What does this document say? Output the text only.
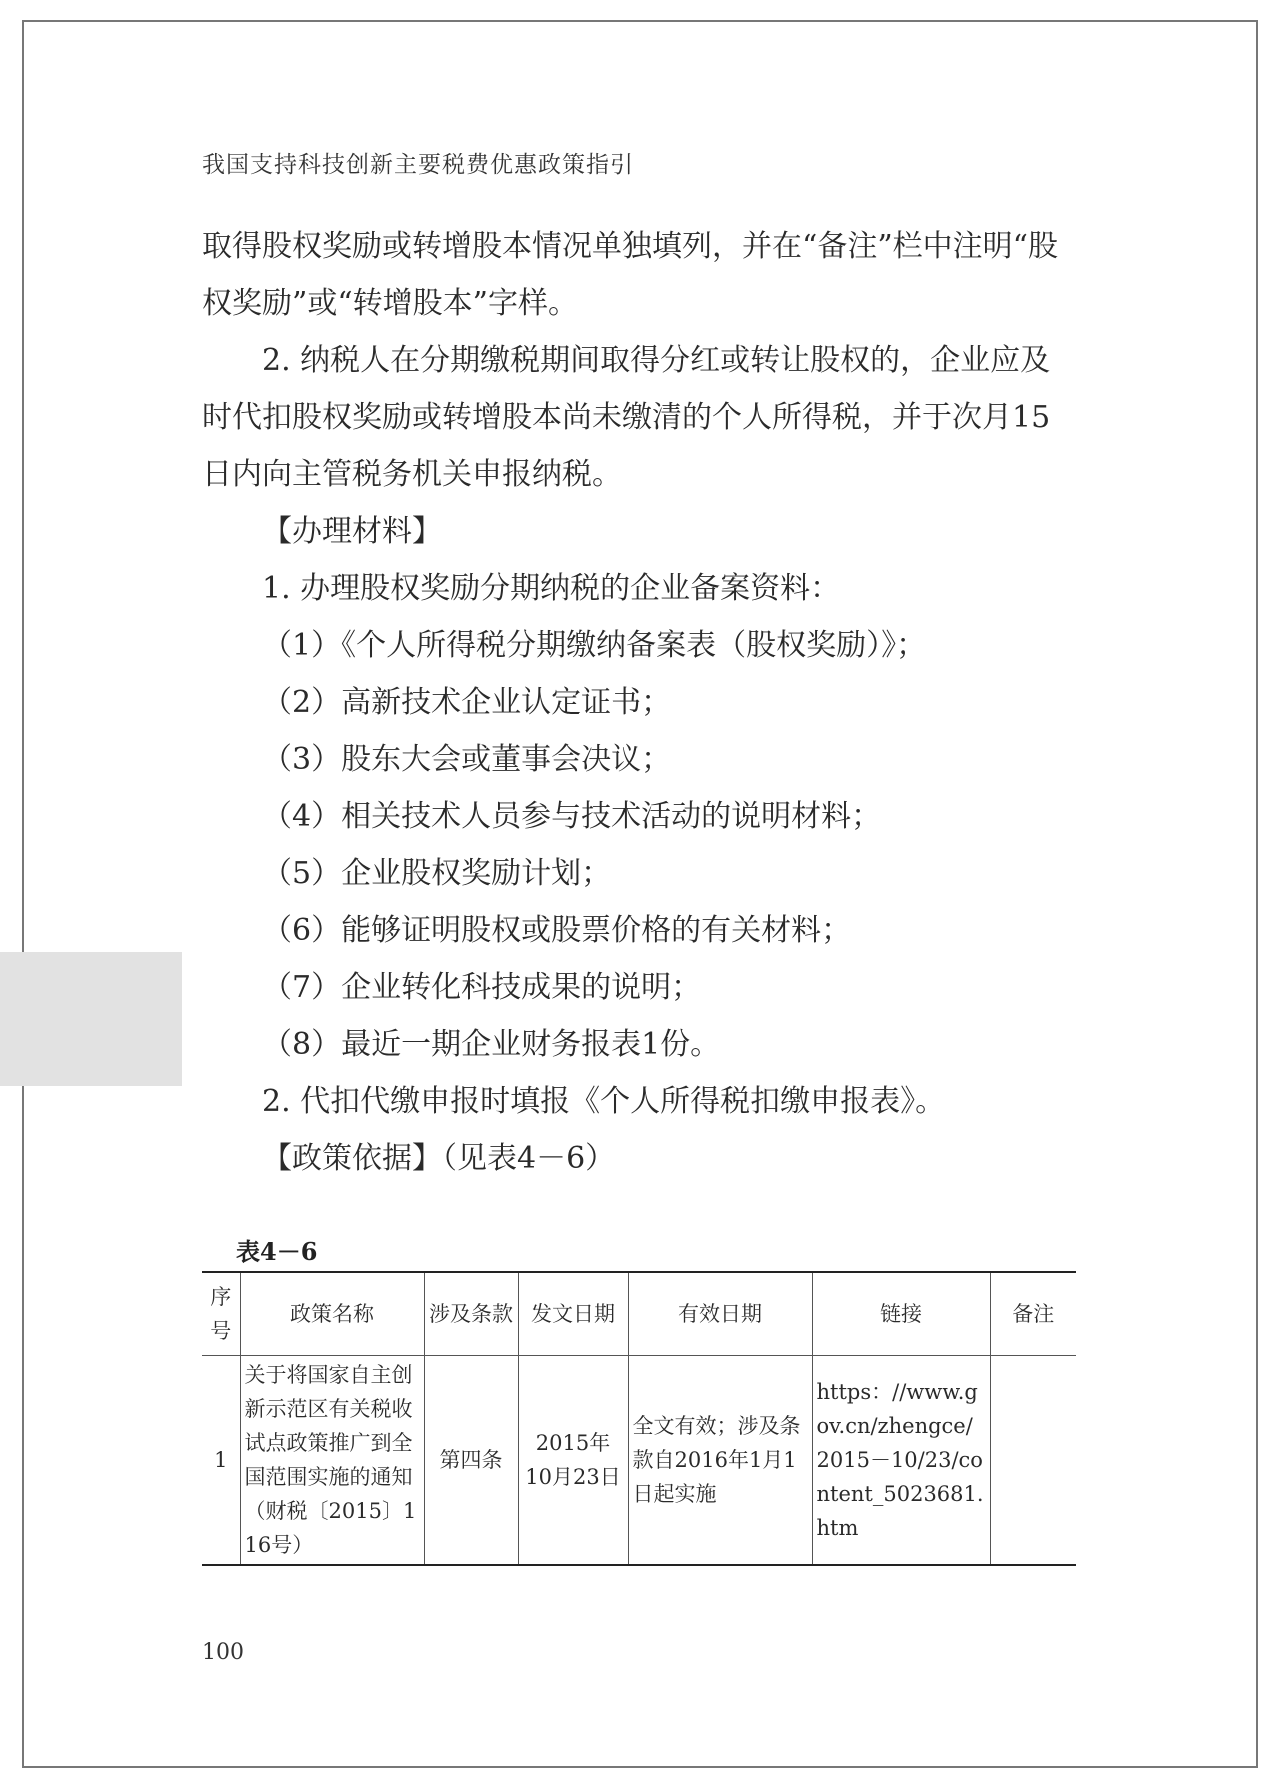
我国支持科技创新主要税费优惠政策指引

取得股权奖励或转增股本情况单独填列，并在“备注”栏中注明“股权奖励”或“转增股本”字样。

2. 纳税人在分期缴税期间取得分红或转让股权的，企业应及时代扣股权奖励或转增股本尚未缴清的个人所得税，并于次月15日内向主管税务机关申报纳税。

【办理材料】

1. 办理股权奖励分期纳税的企业备案资料：

（1）《个人所得税分期缴纳备案表（股权奖励）》；

（2）高新技术企业认定证书；

（3）股东大会或董事会决议；

（4）相关技术人员参与技术活动的说明材料；

（5）企业股权奖励计划；

（6）能够证明股权或股票价格的有关材料；

（7）企业转化科技成果的说明；

（8）最近一期企业财务报表1份。

2. 代扣代缴申报时填报《个人所得税扣缴申报表》。

【政策依据】（见表4－6）

表4－6
序号	政策名称	涉及条款	发文日期	有效日期	链接	备注
1	关于将国家自主创新示范区有关税收试点政策推广到全国范围实施的通知（财税〔2015〕116号）	第四条	2015年10月23日	全文有效；涉及条款自2016年1月1日起实施	https：//www.gov.cn/zhengce/2015－10/23/content_5023681.htm	
100
